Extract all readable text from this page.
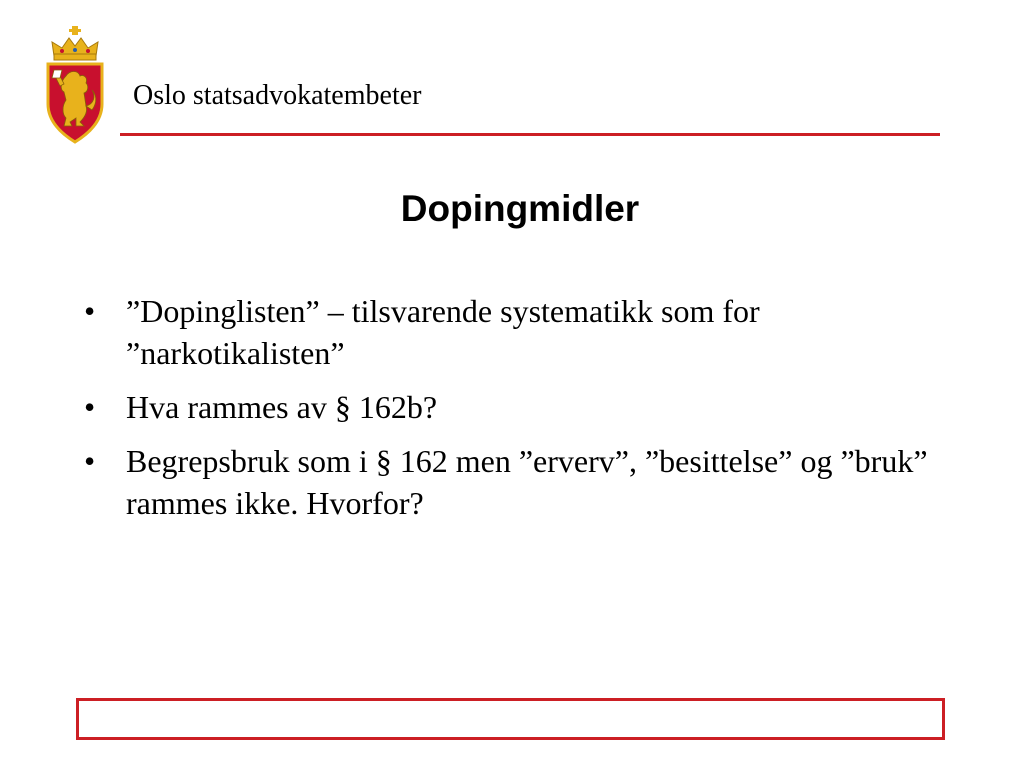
Oslo statsadvokatembeter
Dopingmidler
• ”Dopinglisten” – tilsvarende systematikk som for ”narkotikalisten”
• Hva rammes av § 162b?
• Begrepsbruk som i § 162 men ”erverv”, ”besittelse” og ”bruk” rammes ikke. Hvorfor?
